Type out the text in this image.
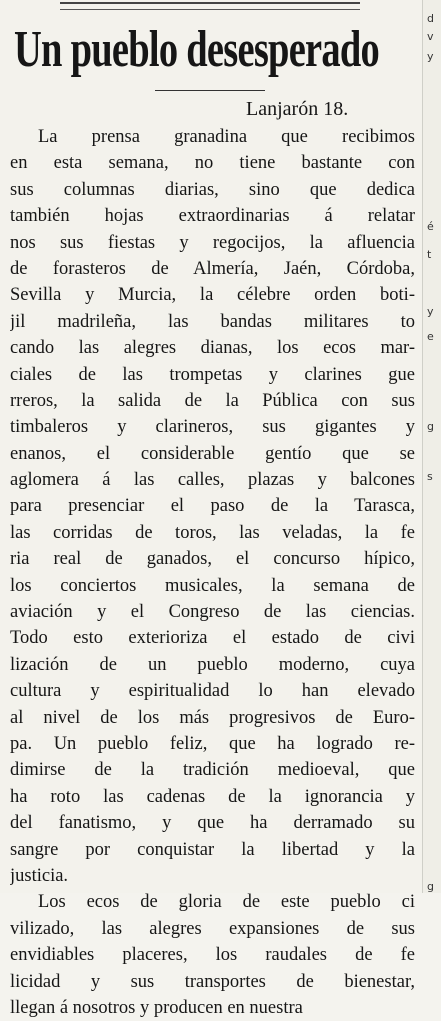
Un pueblo desesperado
Lanjarón 18.
La prensa granadina que recibimos
en esta semana, no tiene bastante con
sus columnas diarias, sino que dedica
también hojas extraordinarias á relatar
nos sus fiestas y regocijos, la afluencia
de forasteros de Almería, Jaén, Córdoba,
Sevilla y Murcia, la célebre orden boti-
jil madrileña, las bandas militares to
cando las alegres dianas, los ecos mar-
ciales de las trompetas y clarines gue
rreros, la salida de la Pública con sus
timbaleros y clarineros, sus gigantes y
enanos, el considerable gentío que se
aglomera á las calles, plazas y balcones
para presenciar el paso de la Tarasca,
las corridas de toros, las veladas, la fe
ria real de ganados, el concurso hípico,
los conciertos musicales, la semana de
aviación y el Congreso de las ciencias.
Todo esto exterioriza el estado de civi
lización de un pueblo moderno, cuya
cultura y espiritualidad lo han elevado
al nivel de los más progresivos de Euro-
pa. Un pueblo feliz, que ha logrado re-
dimirse de la tradición medioeval, que
ha roto las cadenas de la ignorancia y
del fanatismo, y que ha derramado su
sangre por conquistar la libertad y la
justicia.
Los ecos de gloria de este pueblo ci
vilizado, las alegres expansiones de sus
envidiables placeres, los raudales de fe
licidad y sus transportes de bienestar,
llegan á nosotros y producen en nuestra
d
v
y
é
t
y
e
g
s
g
